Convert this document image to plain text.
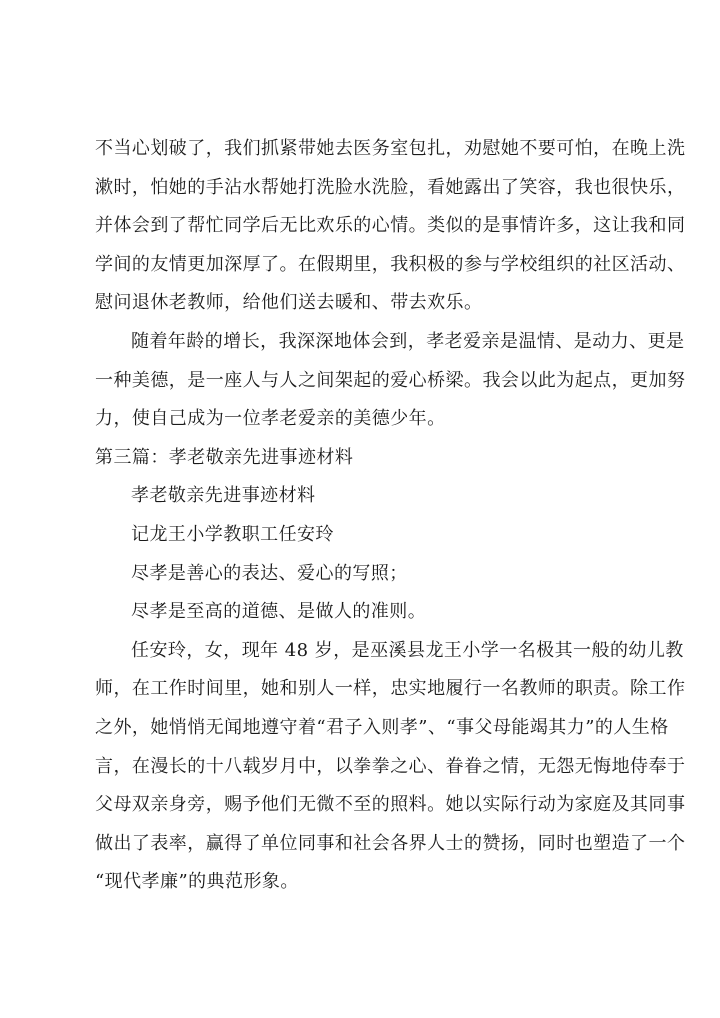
不当心划破了，我们抓紧带她去医务室包扎，劝慰她不要可怕，在晚上洗
漱时，怕她的手沾水帮她打洗脸水洗脸，看她露出了笑容，我也很快乐，
并体会到了帮忙同学后无比欢乐的心情。类似的是事情许多，这让我和同
学间的友情更加深厚了。在假期里，我积极的参与学校组织的社区活动、
慰问退休老教师，给他们送去暖和、带去欢乐。
随着年龄的增长，我深深地体会到，孝老爱亲是温情、是动力、更是
一种美德，是一座人与人之间架起的爱心桥梁。我会以此为起点，更加努
力，使自己成为一位孝老爱亲的美德少年。
第三篇：孝老敬亲先进事迹材料
孝老敬亲先进事迹材料
记龙王小学教职工任安玲
尽孝是善心的表达、爱心的写照；
尽孝是至高的道德、是做人的准则。
任安玲，女，现年 48 岁，是巫溪县龙王小学一名极其一般的幼儿教
师，在工作时间里，她和别人一样，忠实地履行一名教师的职责。除工作
之外，她悄悄无闻地遵守着“君子入则孝”、“事父母能竭其力”的人生格
言，在漫长的十八载岁月中，以拳拳之心、眷眷之情，无怨无悔地侍奉于
父母双亲身旁，赐予他们无微不至的照料。她以实际行动为家庭及其同事
做出了表率，赢得了单位同事和社会各界人士的赞扬，同时也塑造了一个
“现代孝廉”的典范形象。
